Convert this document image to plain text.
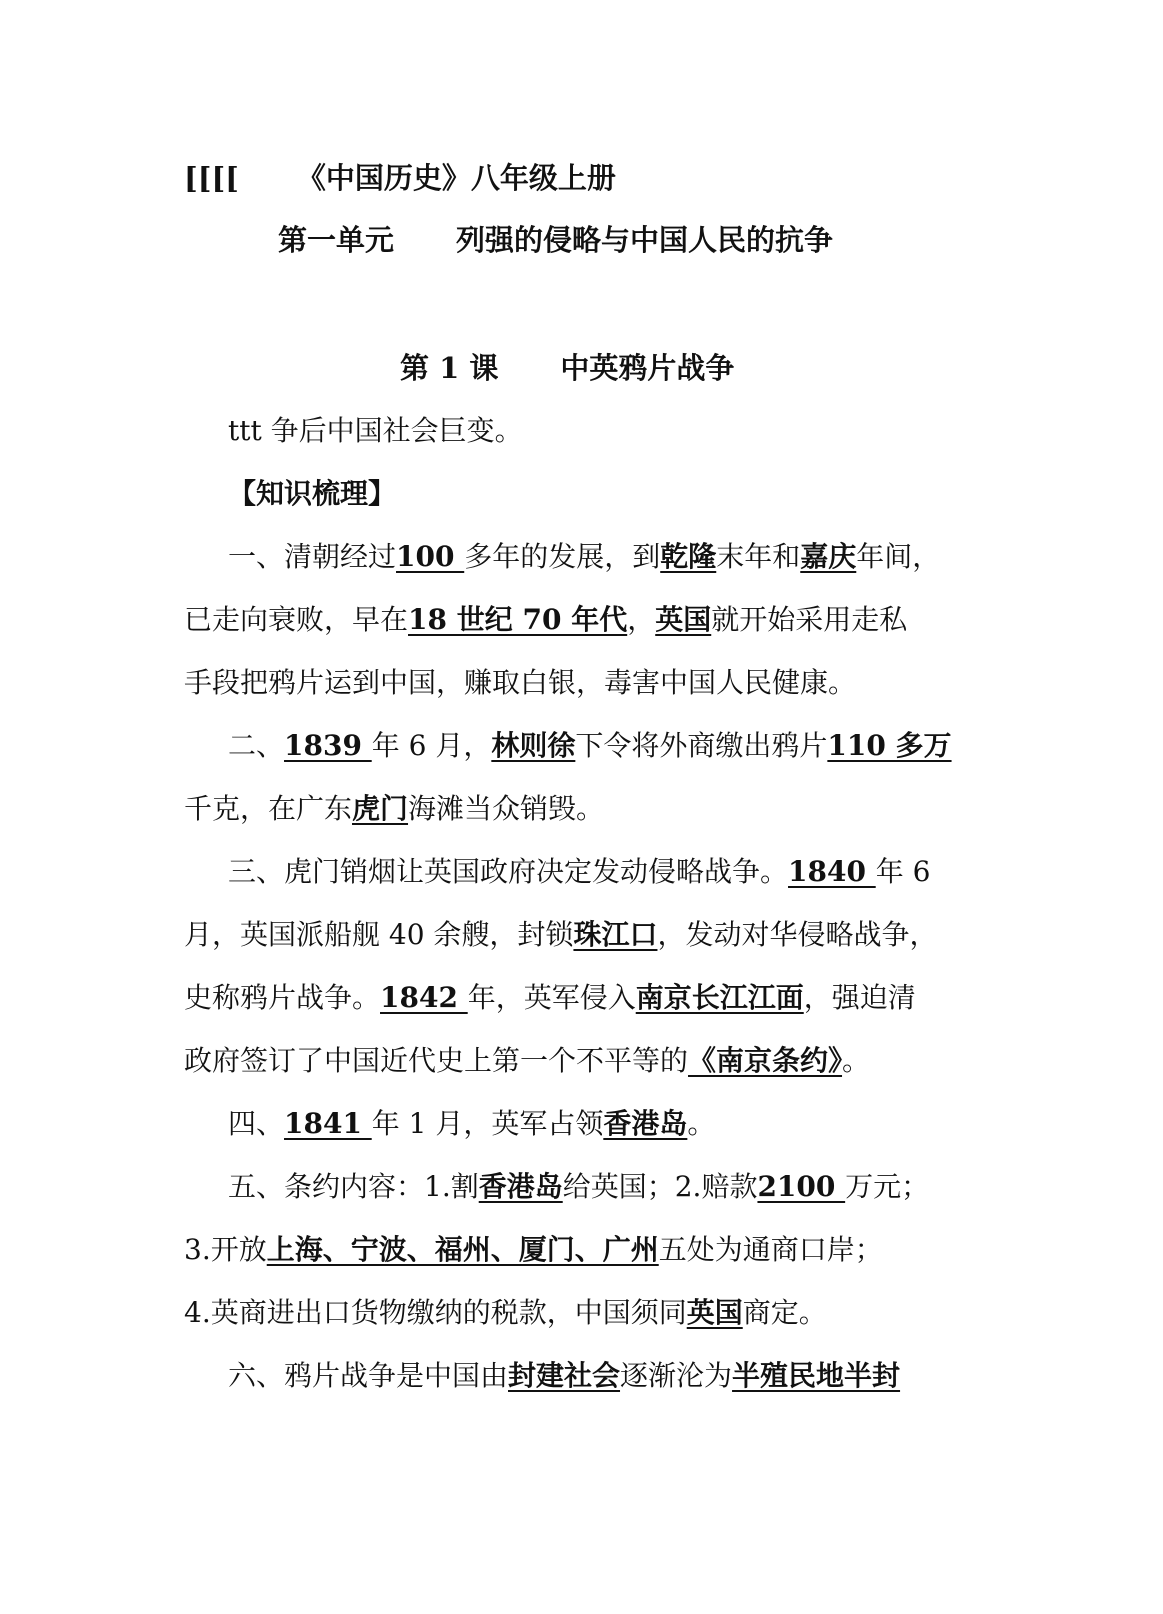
[[[[ 《中国历史》八年级上册
第一单元 列强的侵略与中国人民的抗争
第 1 课 中英鸦片战争
ttt 争后中国社会巨变。
【知识梳理】
一、清朝经过100 多年的发展，到乾隆末年和嘉庆年间，
已走向衰败，早在18 世纪 70 年代，英国就开始采用走私
手段把鸦片运到中国，赚取白银，毒害中国人民健康。
二、1839 年 6 月，林则徐下令将外商缴出鸦片110 多万
千克，在广东虎门海滩当众销毁。
三、虎门销烟让英国政府决定发动侵略战争。1840 年 6
月，英国派船舰 40 余艘，封锁珠江口，发动对华侵略战争，
史称鸦片战争。1842 年，英军侵入南京长江江面，强迫清
政府签订了中国近代史上第一个不平等的《南京条约》。
四、1841 年 1 月，英军占领香港岛。
五、条约内容：1.割香港岛给英国；2.赔款2100 万元；
3.开放上海、宁波、福州、厦门、广州五处为通商口岸；
4.英商进出口货物缴纳的税款，中国须同英国商定。
六、鸦片战争是中国由封建社会逐渐沦为半殖民地半封
